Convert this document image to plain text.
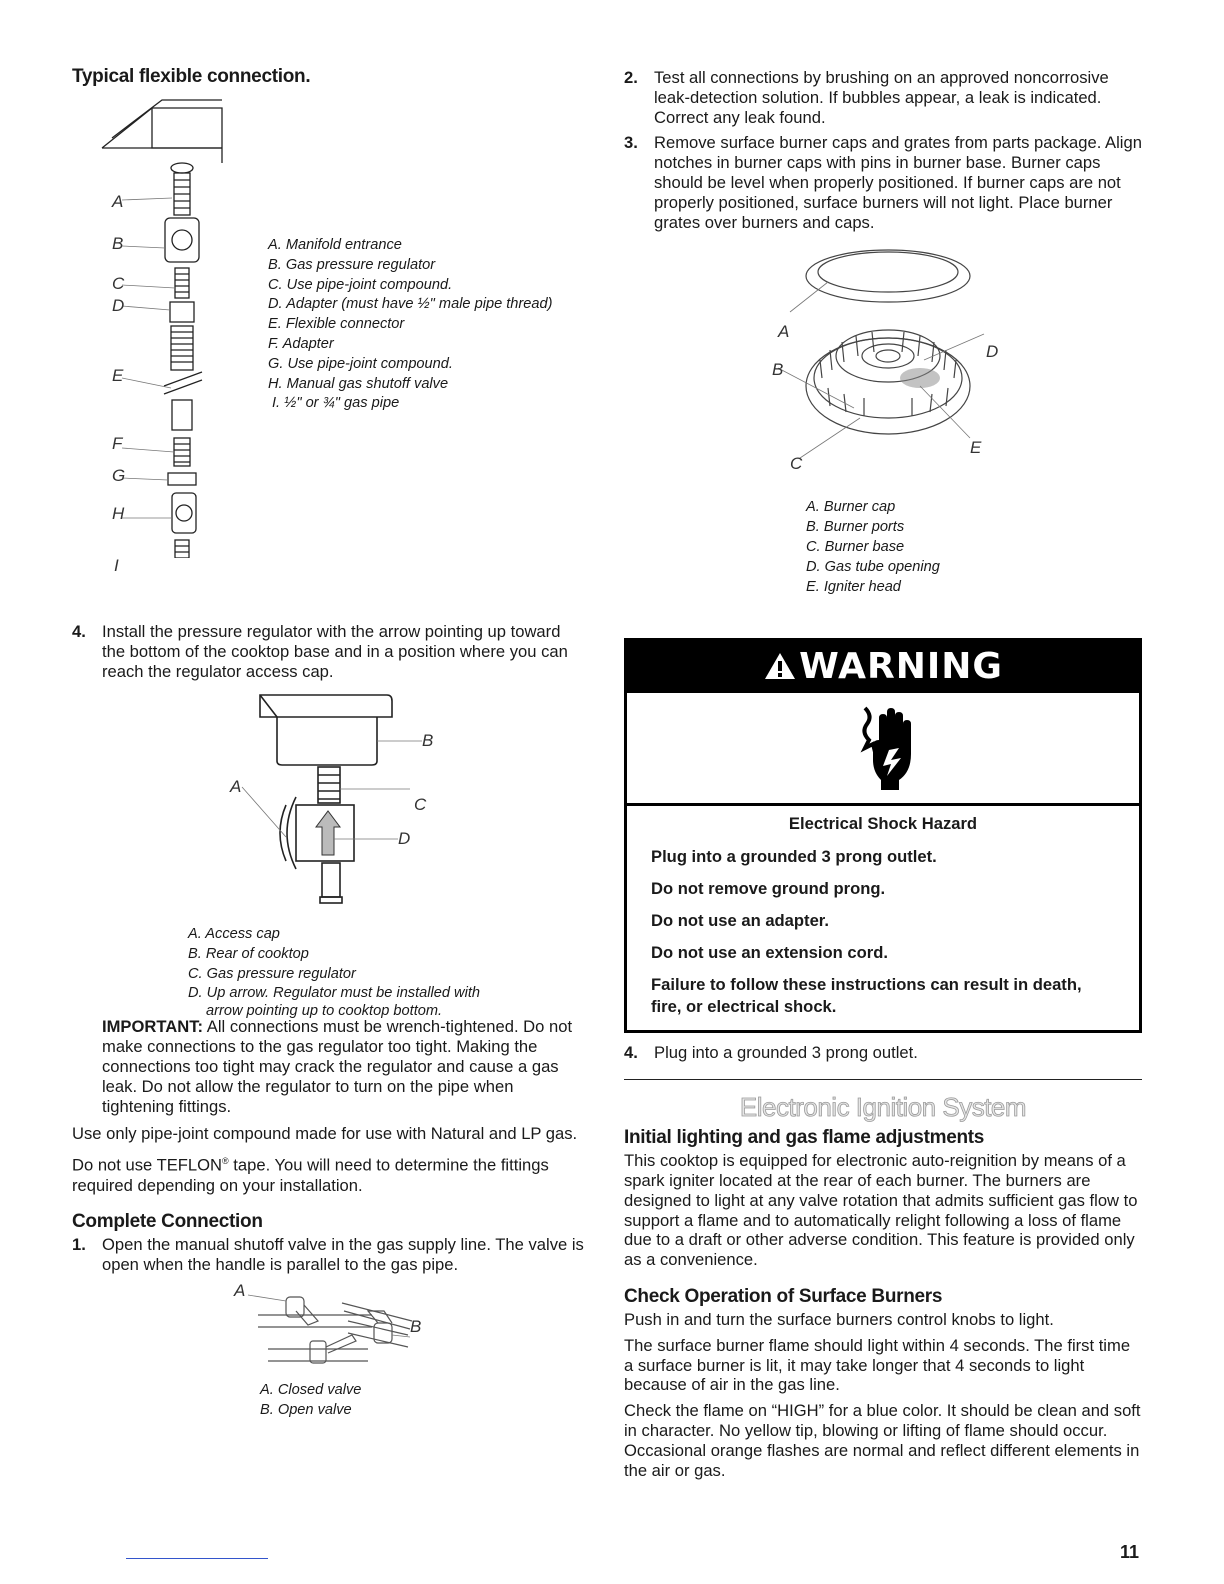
Typical flexible connection.
A
B
C
D
E
F
G
H
I
A. Manifold entrance
B. Gas pressure regulator
C. Use pipe-joint compound.
D. Adapter (must have ½" male pipe thread)
E. Flexible connector
F. Adapter
G. Use pipe-joint compound.
H. Manual gas shutoff valve
I. ½" or ¾" gas pipe
4. Install the pressure regulator with the arrow pointing up toward the bottom of the cooktop base and in a position where you can reach the regulator access cap.
A
B
C
D
A. Access cap
B. Rear of cooktop
C. Gas pressure regulator
D. Up arrow. Regulator must be installed with
arrow pointing up to cooktop bottom.

IMPORTANT: All connections must be wrench-tightened. Do not make connections to the gas regulator too tight. Making the connections too tight may crack the regulator and cause a gas leak. Do not allow the regulator to turn on the pipe when tightening fittings.

Use only pipe-joint compound made for use with Natural and LP gas.

Do not use TEFLON® tape. You will need to determine the fittings required depending on your installation.

Complete Connection
1. Open the manual shutoff valve in the gas supply line. The valve is open when the handle is parallel to the gas pipe.
A
B
A. Closed valve
B. Open valve
2. Test all connections by brushing on an approved noncorrosive leak-detection solution. If bubbles appear, a leak is indicated. Correct any leak found.
3. Remove surface burner caps and grates from parts package. Align notches in burner caps with pins in burner base. Burner caps should be level when properly positioned. If burner caps are not properly positioned, surface burners will not light. Place burner grates over burners and caps.
A
B
C
D
E
A. Burner cap
B. Burner ports
C. Burner base
D. Gas tube opening
E. Igniter head
WARNING
Electrical Shock Hazard
Plug into a grounded 3 prong outlet.
Do not remove ground prong.
Do not use an adapter.
Do not use an extension cord.
Failure to follow these instructions can result in death, fire, or electrical shock.
4. Plug into a grounded 3 prong outlet.
Electronic Ignition System
Initial lighting and gas flame adjustments

This cooktop is equipped for electronic auto-reignition by means of a spark igniter located at the rear of each burner. The burners are designed to light at any valve rotation that admits sufficient gas flow to support a flame and to automatically relight following a loss of flame due to a draft or other adverse condition. This feature is provided only as a convenience.

Check Operation of Surface Burners

Push in and turn the surface burners control knobs to light.

The surface burner flame should light within 4 seconds. The first time a surface burner is lit, it may take longer that 4 seconds to light because of air in the gas line.

Check the flame on “HIGH” for a blue color. It should be clean and soft in character. No yellow tip, blowing or lifting of flame should occur. Occasional orange flashes are normal and reflect different elements in the air or gas.

11
